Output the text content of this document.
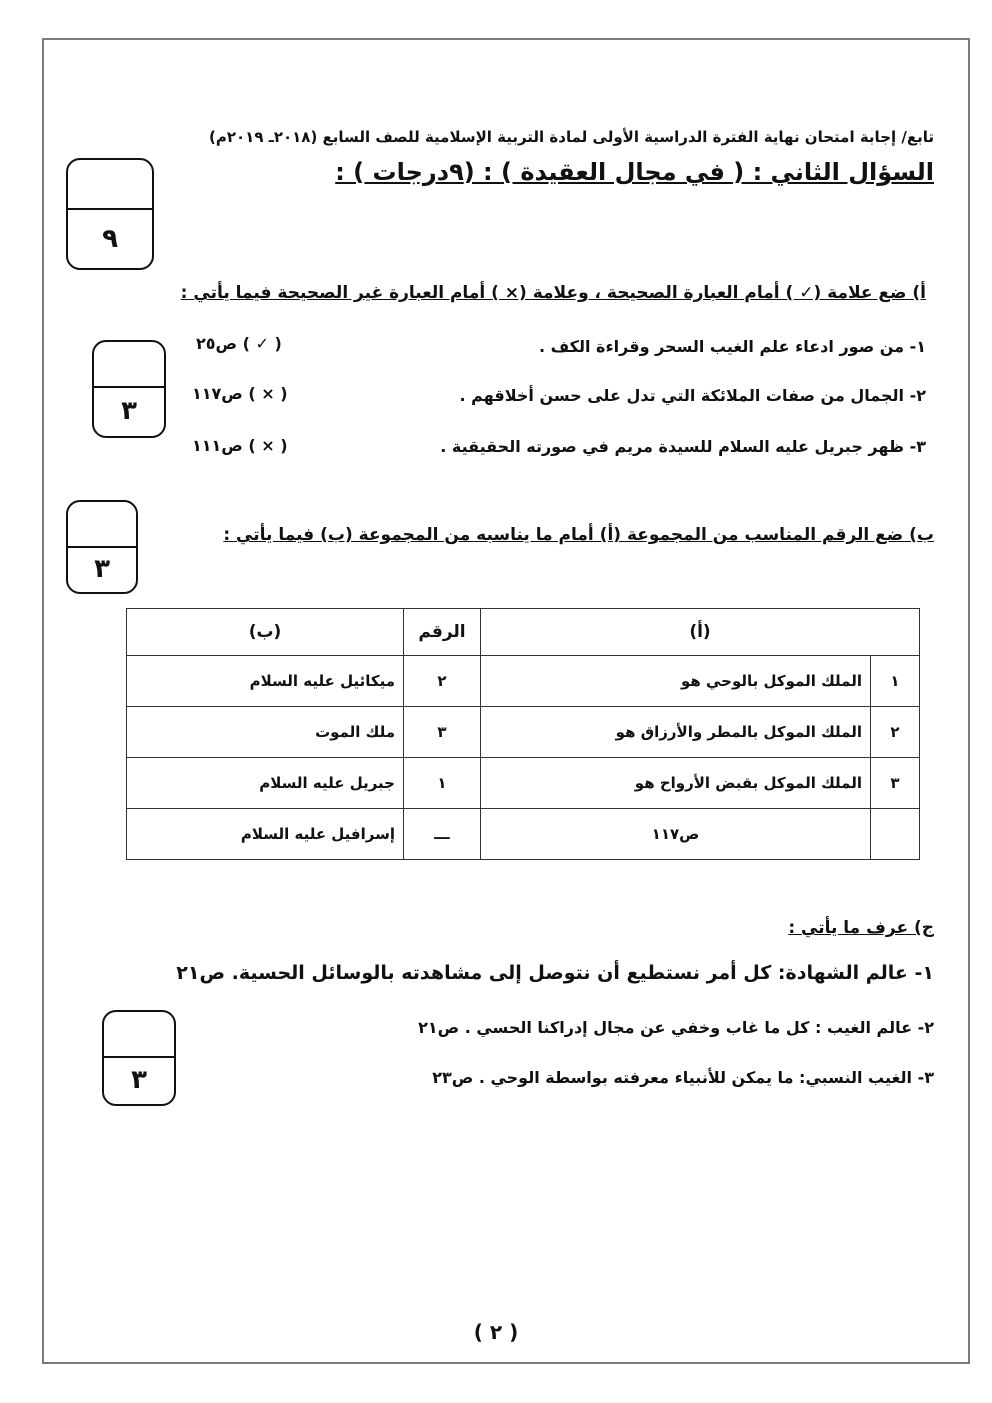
تابع/ إجابة امتحان نهاية الفترة الدراسية الأولى لمادة التربية الإسلامية للصف السابع (٢٠١٨ـ ٢٠١٩م)
السؤال الثاني : ( في مجال العقيدة ) : (٩درجات ) :
٩
أ) ضع علامة (✓ ) أمام العبارة الصحيحة ، وعلامة (× ) أمام العبارة غير الصحيحة فيما يأتي :
٣
١- من صور ادعاء علم الغيب السحر وقراءة الكف .
( ✓ ) ص٢٥
٢- الجمال من صفات الملائكة التي تدل على حسن أخلاقهم .
( × ) ص١١٧
٣- ظهر جبريل عليه السلام للسيدة مريم في صورته الحقيقية .
( × ) ص١١١
٣
ب) ضع الرقم المناسب من المجموعة (أ) أمام ما يناسبه من المجموعة (ب) فيما يأتي :
(أ)		الرقم	(ب)
١	الملك الموكل بالوحي هو	٢	ميكائيل عليه السلام
٢	الملك الموكل بالمطر والأرزاق هو	٣	ملك الموت
٣	الملك الموكل بقبض الأرواح هو	١	جبريل عليه السلام
	ص١١٧	ـــ	إسرافيل عليه السلام
ج) عرف ما يأتي :
١- عالم الشهادة: كل أمر نستطيع أن نتوصل إلى مشاهدته بالوسائل الحسية. ص٢١
٣
٢- عالم الغيب : كل ما غاب وخفي عن مجال إدراكنا الحسي . ص٢١
٣- الغيب النسبي: ما يمكن للأنبياء معرفته بواسطة الوحي . ص٢٣
( ٢ )
